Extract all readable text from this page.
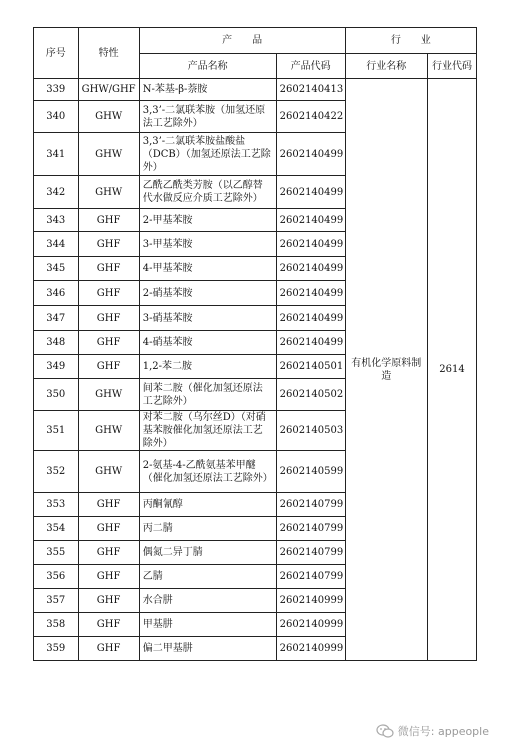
序号	特性	产　　品		行　　业	
		产品名称	产品代码	行业名称	行业代码
339	GHW/GHF	N-苯基-β-萘胺	2602140413	有机化学原料制造	2614
340	GHW	3,3’-二氯联苯胺（加氢还原法工艺除外）	2602140422		
341	GHW	3,3’-二氯联苯胺盐酸盐（DCB）（加氢还原法工艺除外）	2602140499		
342	GHW	乙酰乙酰类芳胺（以乙醇替代水做反应介质工艺除外）	2602140499		
343	GHF	2-甲基苯胺	2602140499		
344	GHF	3-甲基苯胺	2602140499		
345	GHF	4-甲基苯胺	2602140499		
346	GHF	2-硝基苯胺	2602140499		
347	GHF	3-硝基苯胺	2602140499		
348	GHF	4-硝基苯胺	2602140499		
349	GHF	1,2-苯二胺	2602140501		
350	GHW	间苯二胺（催化加氢还原法工艺除外）	2602140502		
351	GHW	对苯二胺（乌尔丝D）（对硝基苯胺催化加氢还原法工艺除外）	2602140503		
352	GHW	2-氨基-4-乙酰氨基苯甲醚（催化加氢还原法工艺除外）	2602140599		
353	GHF	丙酮氰醇	2602140799		
354	GHF	丙二腈	2602140799		
355	GHF	偶氮二异丁腈	2602140799		
356	GHF	乙腈	2602140799		
357	GHF	水合肼	2602140999		
358	GHF	甲基肼	2602140999		
359	GHF	偏二甲基肼	2602140999		
微信号: appeople
